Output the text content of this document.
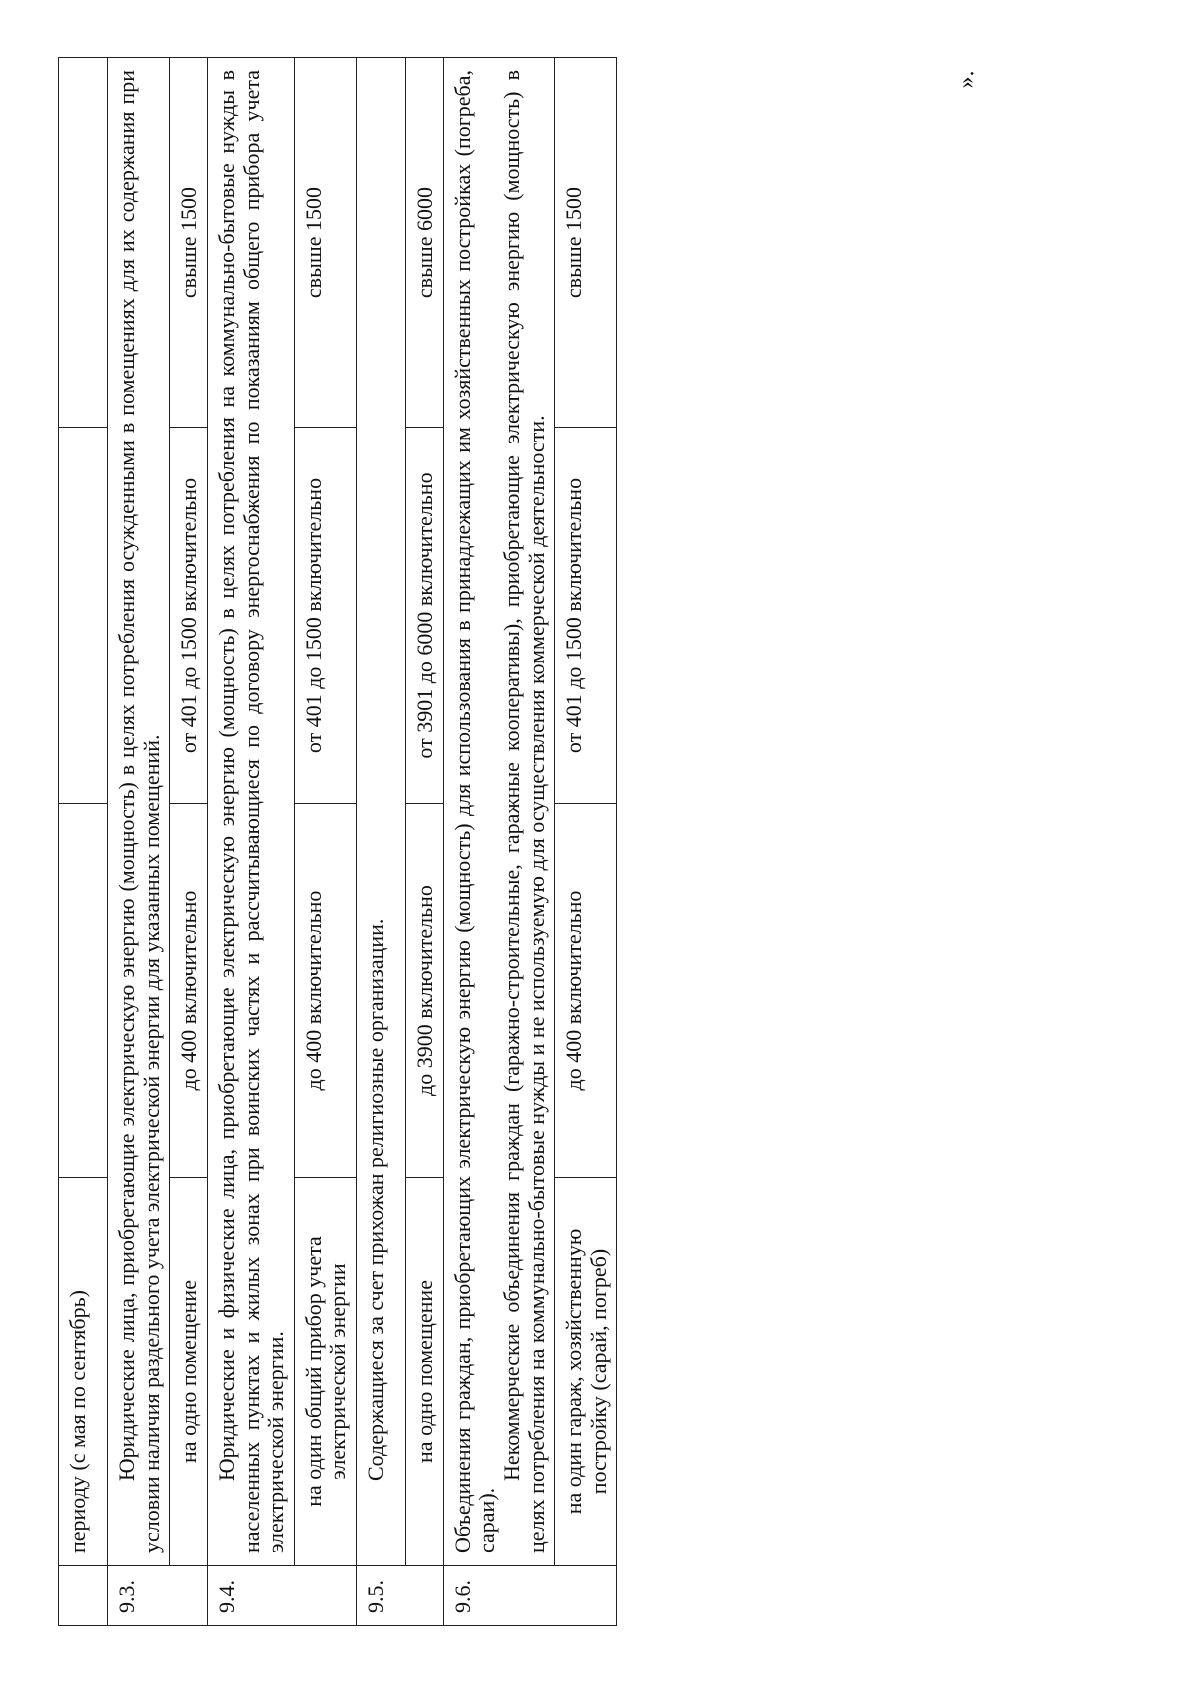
	периоду (с мая по сентябрь)			
9.3.	Юридические лица, приобретающие электрическую энергию (мощность) в целях потребления осужденными в помещениях для их содержания при условии наличия раздельного учета электрической энергии для указанных помещений.			

	на одно помещение	до 400 включительно	от 401 до 1500 включительно	свыше 1500
9.4.	Юридические и физические лица, приобретающие электрическую энергию (мощность) в целях потребления на коммунально-бытовые нужды в населенных пунктах и жилых зонах при воинских частях и рассчитывающиеся по договору энергоснабжения по показаниям общего прибора учета электрической энергии.			

	на один общий прибор учета электрической энергии	до 400 включительно	от 401 до 1500 включительно	свыше 1500
9.5.	Содержащиеся за счет прихожан религиозные организации.			

	на одно помещение	до 3900 включительно	от 3901 до 6000 включительно	свыше 6000
9.6.	Объединения граждан, приобретающих электрическую энергию (мощность) для использования в принадлежащих им хозяйственных постройках (погреба, сараи).
Некоммерческие объединения граждан (гаражно-строительные, гаражные кооперативы), приобретающие электрическую энергию (мощность) в целях потребления на коммунально-бытовые нужды и не используемую для осуществления коммерческой деятельности.			

	на один гараж, хозяйственную постройку (сарай, погреб)	до 400 включительно	от 401 до 1500 включительно	свыше 1500
».
